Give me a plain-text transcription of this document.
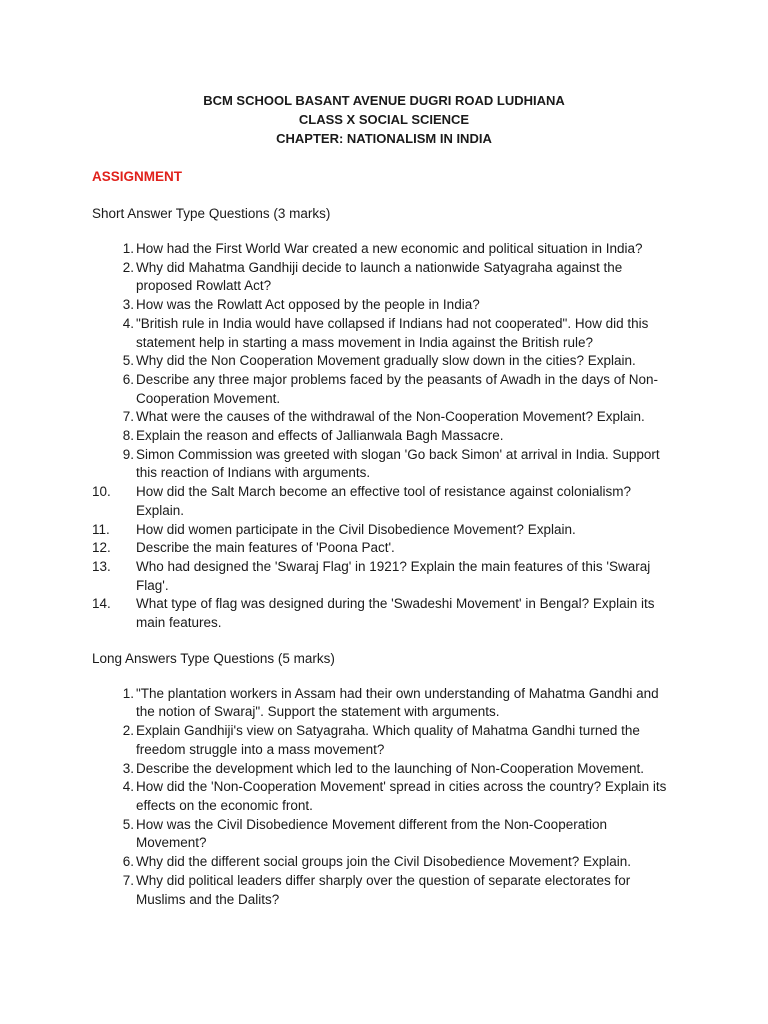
BCM SCHOOL BASANT AVENUE DUGRI ROAD LUDHIANA
CLASS X SOCIAL SCIENCE
CHAPTER: NATIONALISM IN INDIA
ASSIGNMENT
Short Answer Type Questions (3 marks)
1. How had the First World War created a new economic and political situation in India?
2. Why did Mahatma Gandhiji decide to launch a nationwide Satyagraha against the proposed Rowlatt Act?
3. How was the Rowlatt Act opposed by the people in India?
4. "British rule in India would have collapsed if Indians had not cooperated". How did this statement help in starting a mass movement in India against the British rule?
5. Why did the Non Cooperation Movement gradually slow down in the cities? Explain.
6. Describe any three major problems faced by the peasants of Awadh in the days of Non-Cooperation Movement.
7. What were the causes of the withdrawal of the Non-Cooperation Movement? Explain.
8. Explain the reason and effects of Jallianwala Bagh Massacre.
9. Simon Commission was greeted with slogan 'Go back Simon' at arrival in India. Support this reaction of Indians with arguments.
10.	How did the Salt March become an effective tool of resistance against colonialism? Explain.
11.	How did women participate in the Civil Disobedience Movement? Explain.
12.	Describe the main features of 'Poona Pact'.
13.	Who had designed the 'Swaraj Flag' in 1921? Explain the main features of this 'Swaraj Flag'.
14.	What type of flag was designed during the 'Swadeshi Movement' in Bengal? Explain its main features.
Long Answers Type Questions (5 marks)
1. "The plantation workers in Assam had their own understanding of Mahatma Gandhi and the notion of Swaraj". Support the statement with arguments.
2. Explain Gandhiji's view on Satyagraha. Which quality of Mahatma Gandhi turned the freedom struggle into a mass movement?
3. Describe the development which led to the launching of Non-Cooperation Movement.
4. How did the 'Non-Cooperation Movement' spread in cities across the country? Explain its effects on the economic front.
5. How was the Civil Disobedience Movement different from the Non-Cooperation Movement?
6. Why did the different social groups join the Civil Disobedience Movement? Explain.
7. Why did political leaders differ sharply over the question of separate electorates for Muslims and the Dalits?
